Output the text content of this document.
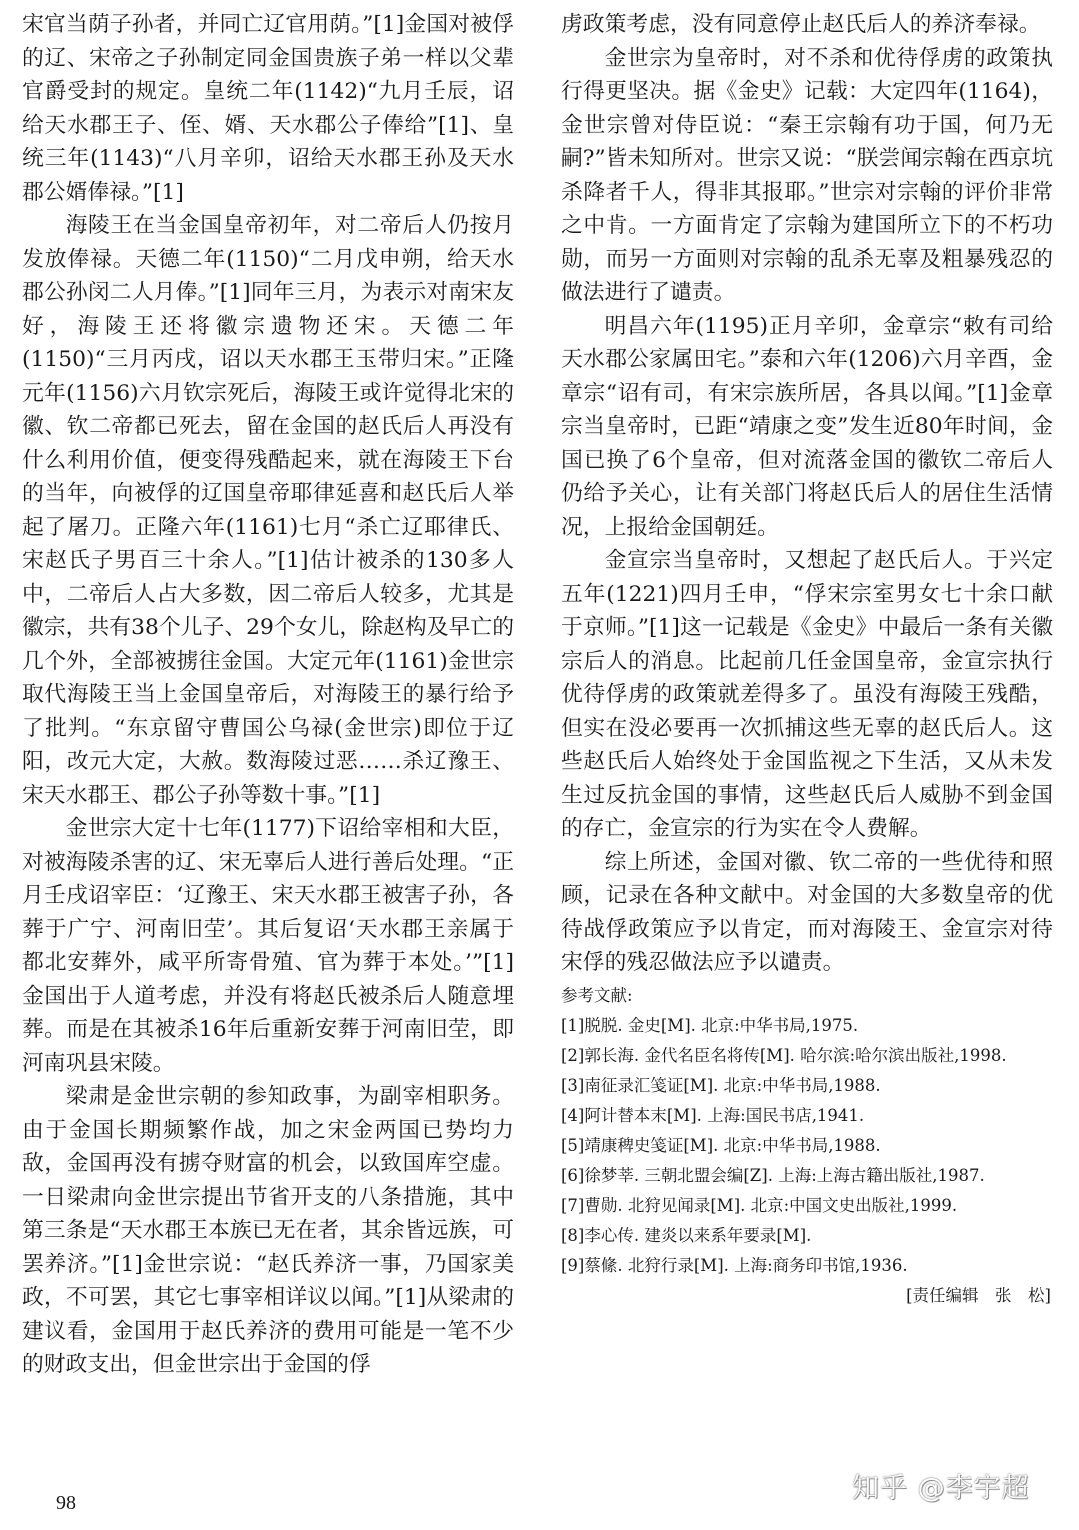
宋官当荫子孙者，并同亡辽官用荫。”[1]金国对被俘的辽、宋帝之子孙制定同金国贵族子弟一样以父辈官爵受封的规定。皇统二年(1142)“九月壬辰，诏给天水郡王子、侄、婿、天水郡公子俸给”[1]、皇统三年(1143)“八月辛卯，诏给天水郡王孙及天水郡公婿俸禄。”[1]

海陵王在当金国皇帝初年，对二帝后人仍按月发放俸禄。天德二年(1150)“二月戊申朔，给天水郡公孙闵二人月俸。”[1]同年三月，为表示对南宋友好，海陵王还将徽宗遗物还宋。天德二年(1150)“三月丙戌，诏以天水郡王玉带归宋。”正隆元年(1156)六月钦宗死后，海陵王或许觉得北宋的徽、钦二帝都已死去，留在金国的赵氏后人再没有什么利用价值，便变得残酷起来，就在海陵王下台的当年，向被俘的辽国皇帝耶律延喜和赵氏后人举起了屠刀。正隆六年(1161)七月“杀亡辽耶律氏、宋赵氏子男百三十余人。”[1]估计被杀的130多人中，二帝后人占大多数，因二帝后人较多，尤其是徽宗，共有38个儿子、29个女儿，除赵构及早亡的几个外，全部被掳往金国。大定元年(1161)金世宗取代海陵王当上金国皇帝后，对海陵王的暴行给予了批判。“东京留守曹国公乌禄(金世宗)即位于辽阳，改元大定，大赦。数海陵过恶……杀辽豫王、宋天水郡王、郡公子孙等数十事。”[1]

金世宗大定十七年(1177)下诏给宰相和大臣，对被海陵杀害的辽、宋无辜后人进行善后处理。“正月壬戌诏宰臣：‘辽豫王、宋天水郡王被害子孙，各葬于广宁、河南旧茔’。其后复诏‘天水郡王亲属于都北安葬外，咸平所寄骨殖、官为葬于本处。’”[1]金国出于人道考虑，并没有将赵氏被杀后人随意埋葬。而是在其被杀16年后重新安葬于河南旧茔，即河南巩县宋陵。

梁肃是金世宗朝的参知政事，为副宰相职务。由于金国长期频繁作战，加之宋金两国已势均力敌，金国再没有掳夺财富的机会，以致国库空虚。一日梁肃向金世宗提出节省开支的八条措施，其中第三条是“天水郡王本族已无在者，其余皆远族，可罢养济。”[1]金世宗说：“赵氏养济一事，乃国家美政，不可罢，其它七事宰相详议以闻。”[1]从梁肃的建议看，金国用于赵氏养济的费用可能是一笔不少的财政支出，但金世宗出于金国的俘

虏政策考虑，没有同意停止赵氏后人的养济奉禄。

金世宗为皇帝时，对不杀和优待俘虏的政策执行得更坚决。据《金史》记载：大定四年(1164)，金世宗曾对侍臣说：“秦王宗翰有功于国，何乃无嗣?”皆未知所对。世宗又说：“朕尝闻宗翰在西京坑杀降者千人，得非其报耶。”世宗对宗翰的评价非常之中肯。一方面肯定了宗翰为建国所立下的不朽功勋，而另一方面则对宗翰的乱杀无辜及粗暴残忍的做法进行了谴责。

明昌六年(1195)正月辛卯，金章宗“敕有司给天水郡公家属田宅。”泰和六年(1206)六月辛酉，金章宗“诏有司，有宋宗族所居，各具以闻。”[1]金章宗当皇帝时，已距“靖康之变”发生近80年时间，金国已换了6个皇帝，但对流落金国的徽钦二帝后人仍给予关心，让有关部门将赵氏后人的居住生活情况，上报给金国朝廷。

金宣宗当皇帝时，又想起了赵氏后人。于兴定五年(1221)四月壬申，“俘宋宗室男女七十余口献于京师。”[1]这一记载是《金史》中最后一条有关徽宗后人的消息。比起前几任金国皇帝，金宣宗执行优待俘虏的政策就差得多了。虽没有海陵王残酷，但实在没必要再一次抓捕这些无辜的赵氏后人。这些赵氏后人始终处于金国监视之下生活，又从未发生过反抗金国的事情，这些赵氏后人威胁不到金国的存亡，金宣宗的行为实在令人费解。

综上所述，金国对徽、钦二帝的一些优待和照顾，记录在各种文献中。对金国的大多数皇帝的优待战俘政策应予以肯定，而对海陵王、金宣宗对待宋俘的残忍做法应予以谴责。

参考文献:
[1]脱脱. 金史[M]. 北京:中华书局,1975.
[2]郭长海. 金代名臣名将传[M]. 哈尔滨:哈尔滨出版社,1998.
[3]南征录汇笺证[M]. 北京:中华书局,1988.
[4]阿计替本末[M]. 上海:国民书店,1941.
[5]靖康稗史笺证[M]. 北京:中华书局,1988.
[6]徐梦莘. 三朝北盟会编[Z]. 上海:上海古籍出版社,1987.
[7]曹勋. 北狩见闻录[M]. 北京:中国文史出版社,1999.
[8]李心传. 建炎以来系年要录[M].
[9]蔡絛. 北狩行录[M]. 上海:商务印书馆,1936.
[责任编辑　张　松]
98	知乎 @李宇超
